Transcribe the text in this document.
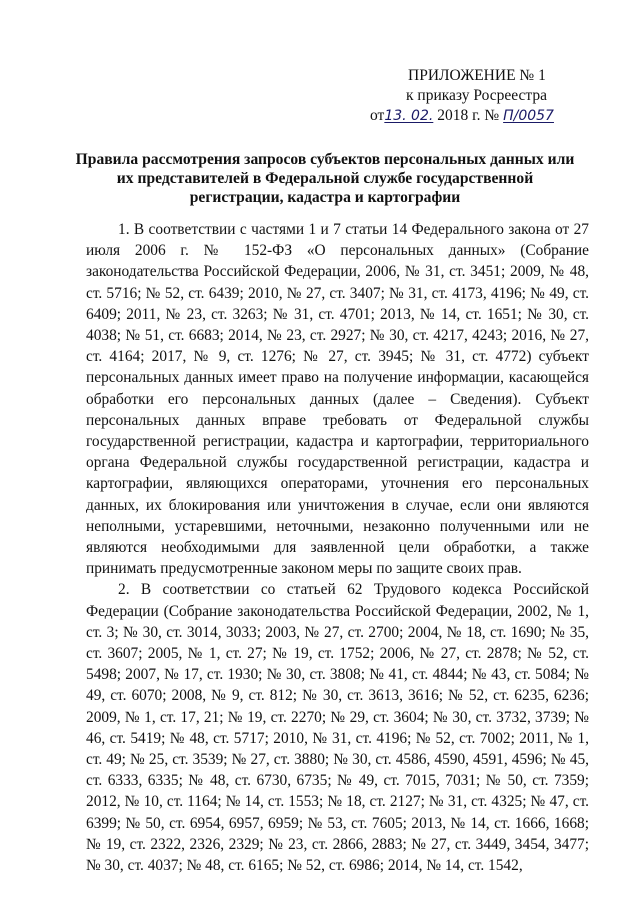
ПРИЛОЖЕНИЕ № 1
к приказу Росреестра
от13. 02. 2018 г. № П/0057
Правила рассмотрения запросов субъектов персональных данных или их представителей в Федеральной службе государственной регистрации, кадастра и картографии

1. В соответствии с частями 1 и 7 статьи 14 Федерального закона от 27 июля 2006 г. № 152-ФЗ «О персональных данных» (Собрание законодательства Российской Федерации, 2006, № 31, ст. 3451; 2009, № 48, ст. 5716; № 52, ст. 6439; 2010, № 27, ст. 3407; № 31, ст. 4173, 4196; № 49, ст. 6409; 2011, № 23, ст. 3263; № 31, ст. 4701; 2013, № 14, ст. 1651; № 30, ст. 4038; № 51, ст. 6683; 2014, № 23, ст. 2927; № 30, ст. 4217, 4243; 2016, № 27, ст. 4164; 2017, № 9, ст. 1276; № 27, ст. 3945; № 31, ст. 4772) субъект персональных данных имеет право на получение информации, касающейся обработки его персональных данных (далее – Сведения). Субъект персональных данных вправе требовать от Федеральной службы государственной регистрации, кадастра и картографии, территориального органа Федеральной службы государственной регистрации, кадастра и картографии, являющихся операторами, уточнения его персональных данных, их блокирования или уничтожения в случае, если они являются неполными, устаревшими, неточными, незаконно полученными или не являются необходимыми для заявленной цели обработки, а также принимать предусмотренные законом меры по защите своих прав.

2. В соответствии со статьей 62 Трудового кодекса Российской Федерации (Собрание законодательства Российской Федерации, 2002, № 1, ст. 3; № 30, ст. 3014, 3033; 2003, № 27, ст. 2700; 2004, № 18, ст. 1690; № 35, ст. 3607; 2005, № 1, ст. 27; № 19, ст. 1752; 2006, № 27, ст. 2878; № 52, ст. 5498; 2007, № 17, ст. 1930; № 30, ст. 3808; № 41, ст. 4844; № 43, ст. 5084; № 49, ст. 6070; 2008, № 9, ст. 812; № 30, ст. 3613, 3616; № 52, ст. 6235, 6236; 2009, № 1, ст. 17, 21; № 19, ст. 2270; № 29, ст. 3604; № 30, ст. 3732, 3739; № 46, ст. 5419; № 48, ст. 5717; 2010, № 31, ст. 4196; № 52, ст. 7002; 2011, № 1, ст. 49; № 25, ст. 3539; № 27, ст. 3880; № 30, ст. 4586, 4590, 4591, 4596; № 45, ст. 6333, 6335; № 48, ст. 6730, 6735; № 49, ст. 7015, 7031; № 50, ст. 7359; 2012, № 10, ст. 1164; № 14, ст. 1553; № 18, ст. 2127; № 31, ст. 4325; № 47, ст. 6399; № 50, ст. 6954, 6957, 6959; № 53, ст. 7605; 2013, № 14, ст. 1666, 1668; № 19, ст. 2322, 2326, 2329; № 23, ст. 2866, 2883; № 27, ст. 3449, 3454, 3477; № 30, ст. 4037; № 48, ст. 6165; № 52, ст. 6986; 2014, № 14, ст. 1542,
